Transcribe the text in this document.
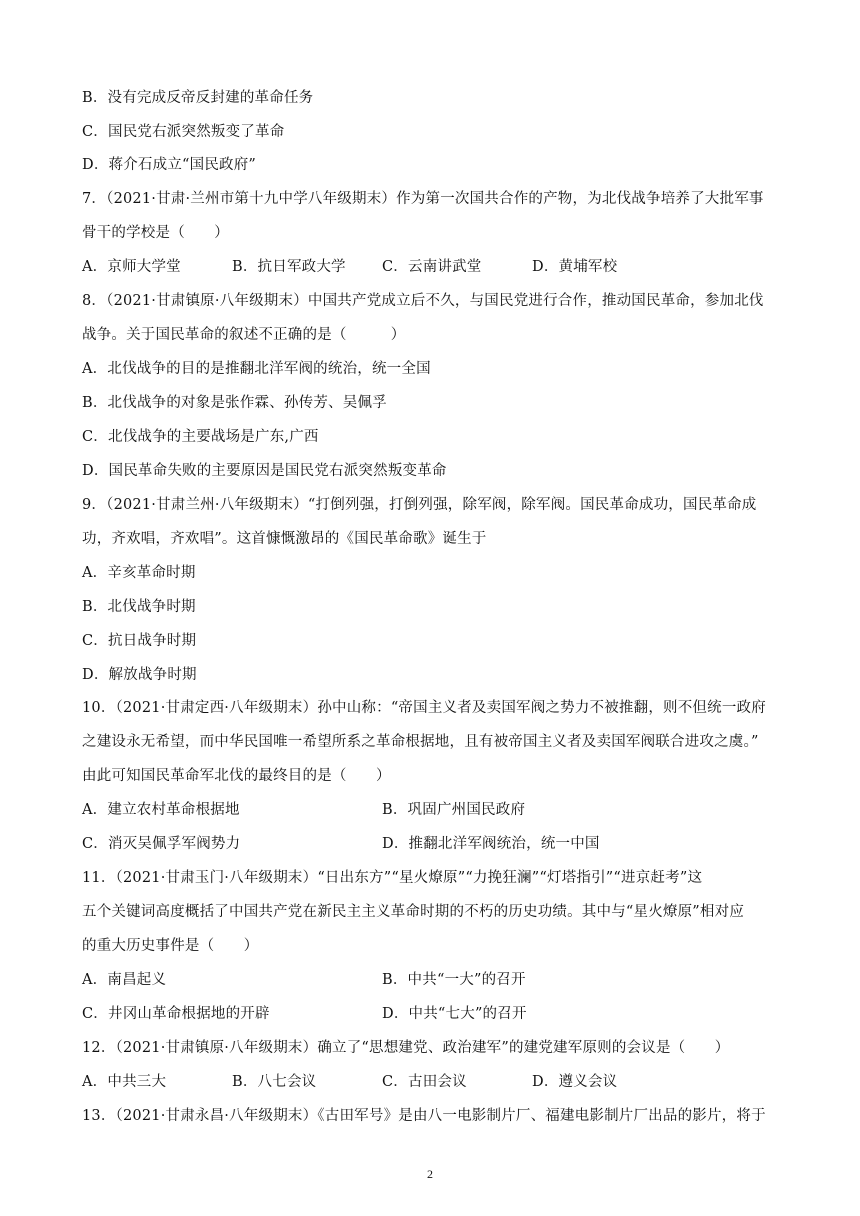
B．没有完成反帝反封建的革命任务
C．国民党右派突然叛变了革命
D．蒋介石成立“国民政府”
7．（2021·甘肃·兰州市第十九中学八年级期末）作为第一次国共合作的产物，为北伐战争培养了大批军事
骨干的学校是（　　）
A．京师大学堂	B．抗日军政大学 C．云南讲武堂	D．黄埔军校
8．（2021·甘肃镇原·八年级期末）中国共产党成立后不久，与国民党进行合作，推动国民革命，参加北伐
战争。关于国民革命的叙述不正确的是（　　　）
A．北伐战争的目的是推翻北洋军阀的统治，统一全国
B．北伐战争的对象是张作霖、孙传芳、吴佩孚
C．北伐战争的主要战场是广东,广西
D．国民革命失败的主要原因是国民党右派突然叛变革命
9．（2021·甘肃兰州·八年级期末）“打倒列强，打倒列强，除军阀，除军阀。国民革命成功，国民革命成
功，齐欢唱，齐欢唱”。这首慷慨激昂的《国民革命歌》诞生于
A．辛亥革命时期
B．北伐战争时期
C．抗日战争时期
D．解放战争时期
10．（2021·甘肃定西·八年级期末）孙中山称：“帝国主义者及卖国军阀之势力不被推翻，则不但统一政府
之建设永无希望，而中华民国唯一希望所系之革命根据地，且有被帝国主义者及卖国军阀联合进攻之虞。”
由此可知国民革命军北伐的最终目的是（　　）
A．建立农村革命根据地	B．巩固广州国民政府
C．消灭吴佩孚军阀势力	D．推翻北洋军阀统治，统一中国
11．（2021·甘肃玉门·八年级期末）“日出东方”“星火燎原”“力挽狂澜”“灯塔指引”“进京赶考”这
五个关键词高度概括了中国共产党在新民主主义革命时期的不朽的历史功绩。其中与“星火燎原”相对应
的重大历史事件是（　　）
A．南昌起义	B．中共“一大”的召开
C．井冈山革命根据地的开辟	D．中共“七大”的召开
12．（2021·甘肃镇原·八年级期末）确立了“思想建党、政治建军”的建党建军原则的会议是（　　）
A．中共三大	B．八七会议	C．古田会议	D．遵义会议
13．（2021·甘肃永昌·八年级期末）《古田军号》是由八一电影制片厂、福建电影制片厂出品的影片，将于
2
